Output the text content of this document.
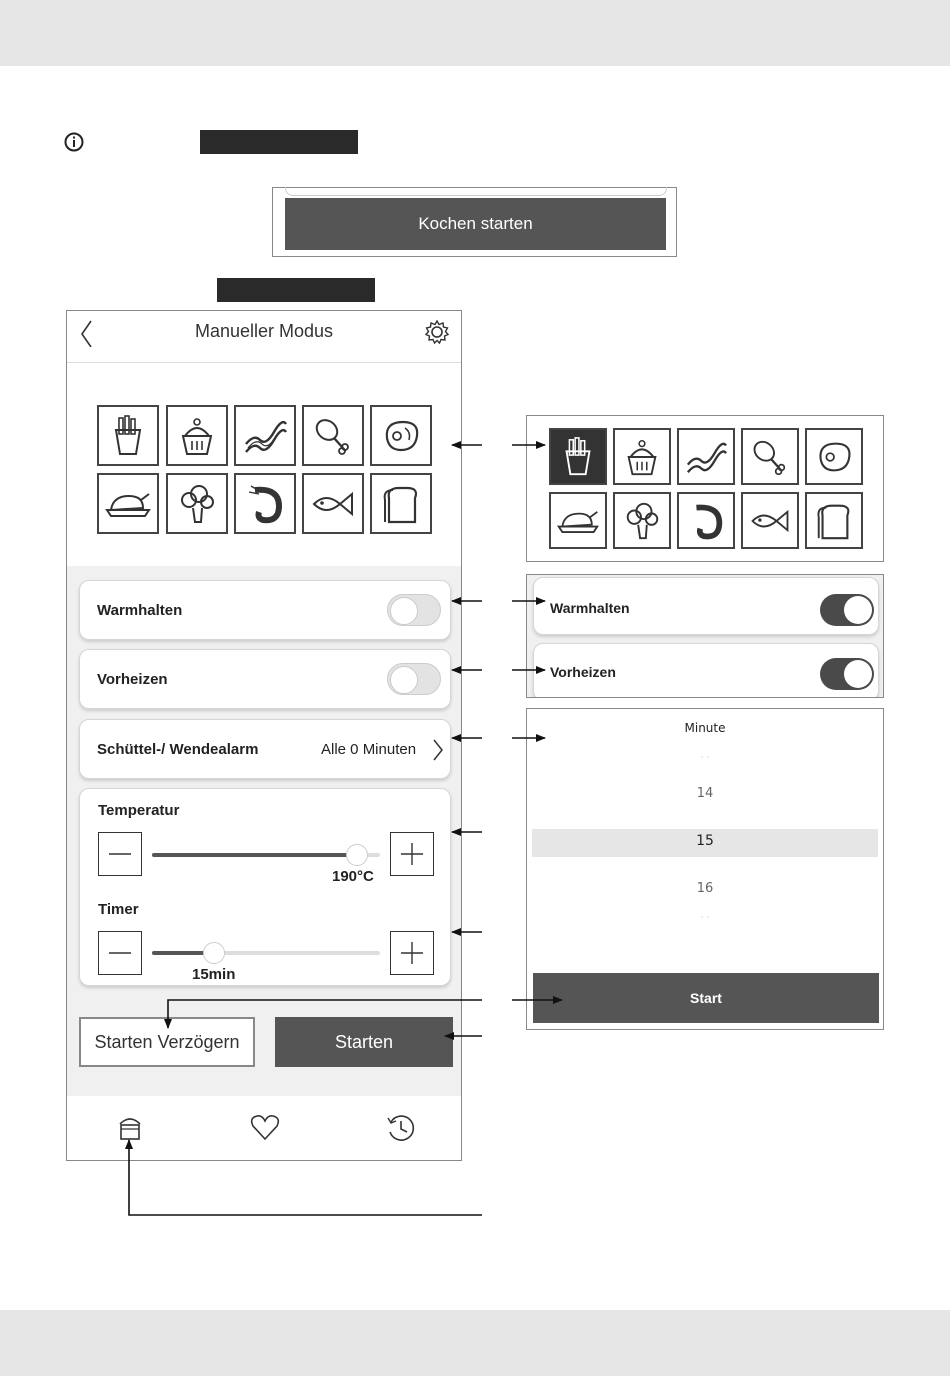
Kochen starten
Manueller Modus
Warmhalten
Vorheizen
Schüttel-/ Wendealarm	Alle 0 Minuten
Temperatur
190°C
Timer
15min
Starten Verzögern	Starten
Warmhalten
Vorheizen
Minute
· ·
14
15
16
· ·
Start
